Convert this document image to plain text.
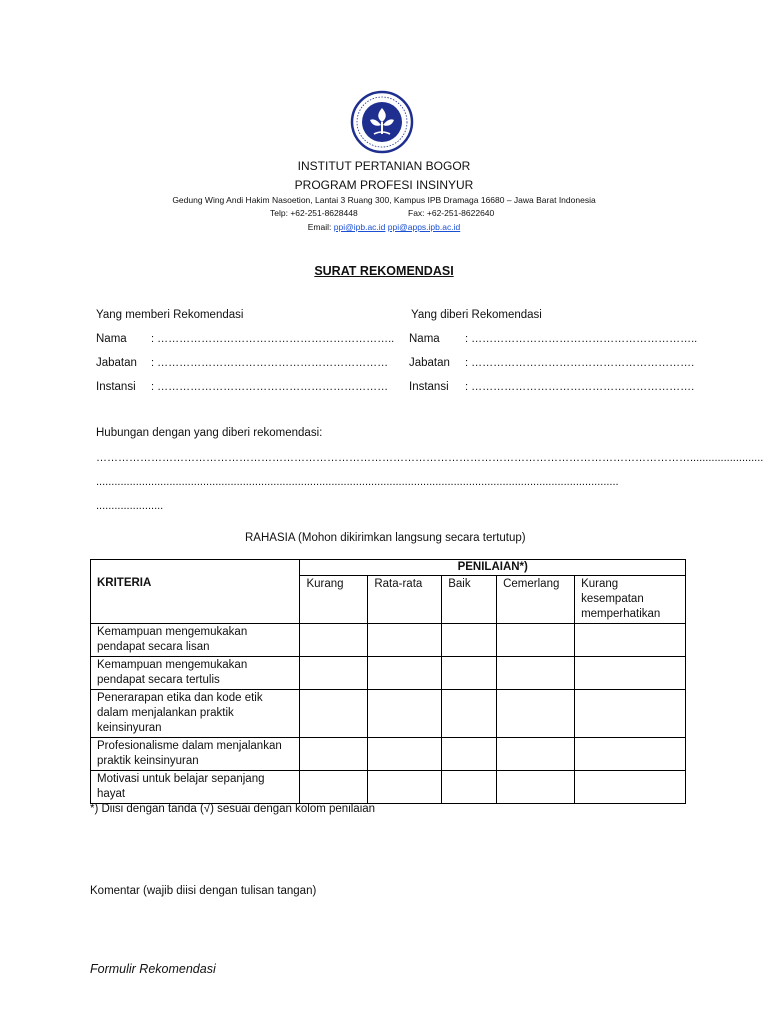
INSTITUT PERTANIAN BOGOR
PROGRAM PROFESI INSINYUR
Gedung Wing Andi Hakim Nasoetion, Lantai 3 Ruang 300, Kampus IPB Dramaga 16680 – Jawa Barat Indonesia
Telp: +62-251-8628448	Fax: +62-251-8622640
Email: ppi@ipb.ac.id ppi@apps.ipb.ac.id
SURAT REKOMENDASI
Yang memberi Rekomendasi
Nama : ………………………………………………………..
Jabatan : ………………………………………………………
Instansi : ………………………………………………………
Yang diberi Rekomendasi
Nama : ……………………………………………………..
Jabatan : …………………………………………………….
Instansi : …………………………………………………….
Hubungan dengan yang diberi rekomendasi:
………………………………………………………………………………………………………………………………………………........................
...........................................................................................................................................................................
......................
RAHASIA (Mohon dikirimkan langsung secara tertutup)
KRITERIA	PENILAIAN*)				
	Kurang	Rata-rata	Baik	Cemerlang	Kurang kesempatan memperhatikan
Kemampuan mengemukakan pendapat secara lisan					
Kemampuan mengemukakan pendapat secara tertulis					
Penerarapan etika dan kode etik dalam menjalankan praktik keinsinyuran					
Profesionalisme dalam menjalankan praktik keinsinyuran					
Motivasi untuk belajar sepanjang hayat					
*) Diisi dengan tanda (√) sesuai dengan kolom penilaian
Komentar (wajib diisi dengan tulisan tangan)
Formulir Rekomendasi
